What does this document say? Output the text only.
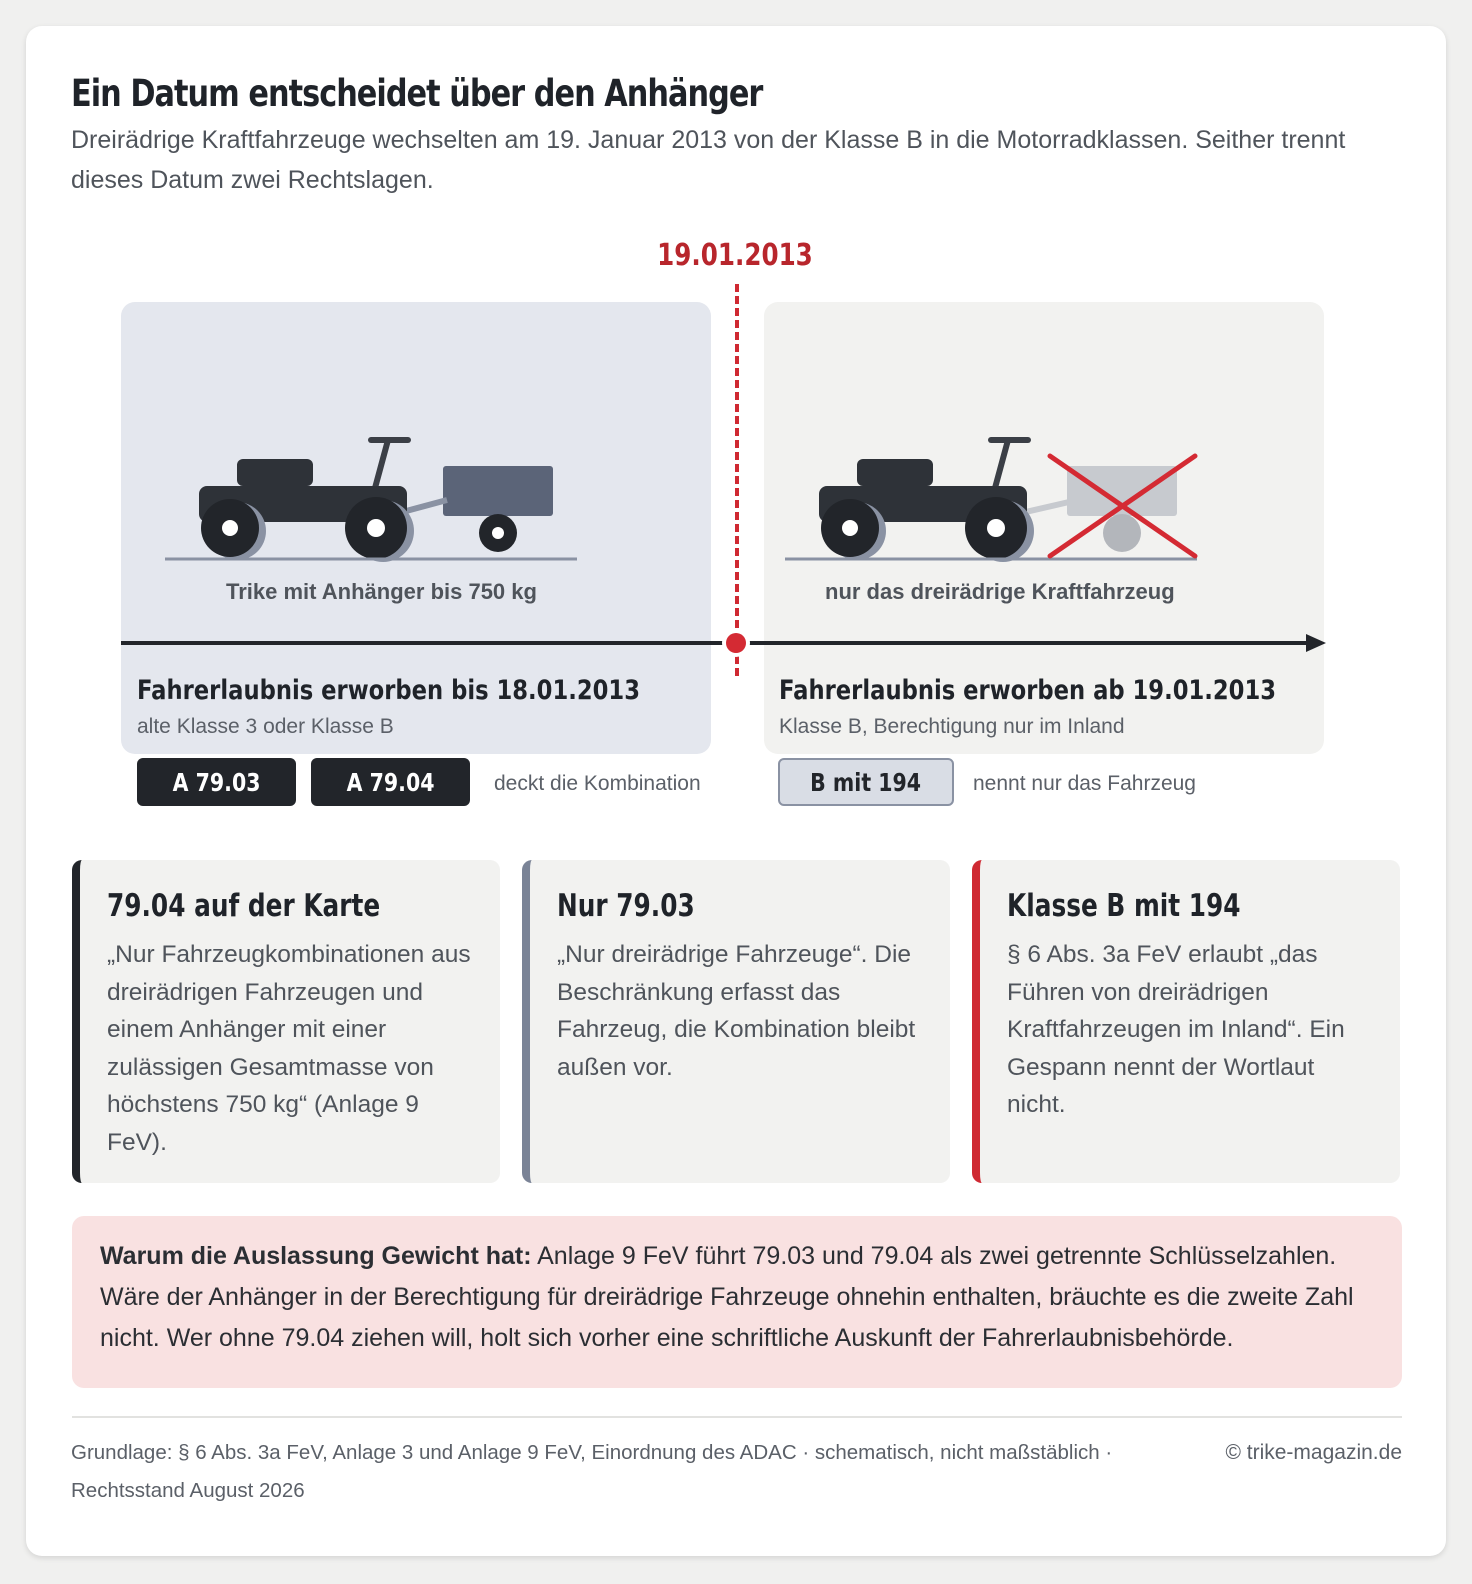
Ein Datum entscheidet über den Anhänger
Dreirädrige Kraftfahrzeuge wechselten am 19. Januar 2013 von der Klasse B in die Motorradklassen. Seither trennt dieses Datum zwei Rechtslagen.
19.01.2013
Trike mit Anhänger bis 750 kg	nur das dreirädrige Kraftfahrzeug
Fahrerlaubnis erworben bis 18.01.2013
alte Klasse 3 oder Klasse B
Fahrerlaubnis erworben ab 19.01.2013
Klasse B, Berechtigung nur im Inland
A 79.03	A 79.04	deckt die Kombination	B mit 194 nennt nur das Fahrzeug
79.04 auf der Karte
„Nur Fahrzeugkombinationen aus dreirädrigen Fahrzeugen und einem Anhänger mit einer zulässigen Gesamtmasse von höchstens 750 kg“ (Anlage 9 FeV).
Nur 79.03
„Nur dreirädrige Fahrzeuge“. Die Beschränkung erfasst das Fahrzeug, die Kombination bleibt außen vor.
Klasse B mit 194
§ 6 Abs. 3a FeV erlaubt „das Führen von dreirädrigen Kraftfahrzeugen im Inland“. Ein Gespann nennt der Wortlaut nicht.
Warum die Auslassung Gewicht hat: Anlage 9 FeV führt 79.03 und 79.04 als zwei getrennte Schlüsselzahlen. Wäre der Anhänger in der Berechtigung für dreirädrige Fahrzeuge ohnehin enthalten, bräuchte es die zweite Zahl nicht. Wer ohne 79.04 ziehen will, holt sich vorher eine schriftliche Auskunft der Fahrerlaubnisbehörde.
Grundlage: § 6 Abs. 3a FeV, Anlage 3 und Anlage 9 FeV, Einordnung des ADAC · schematisch, nicht maßstäblich · Rechtsstand August 2026
© trike-magazin.de
